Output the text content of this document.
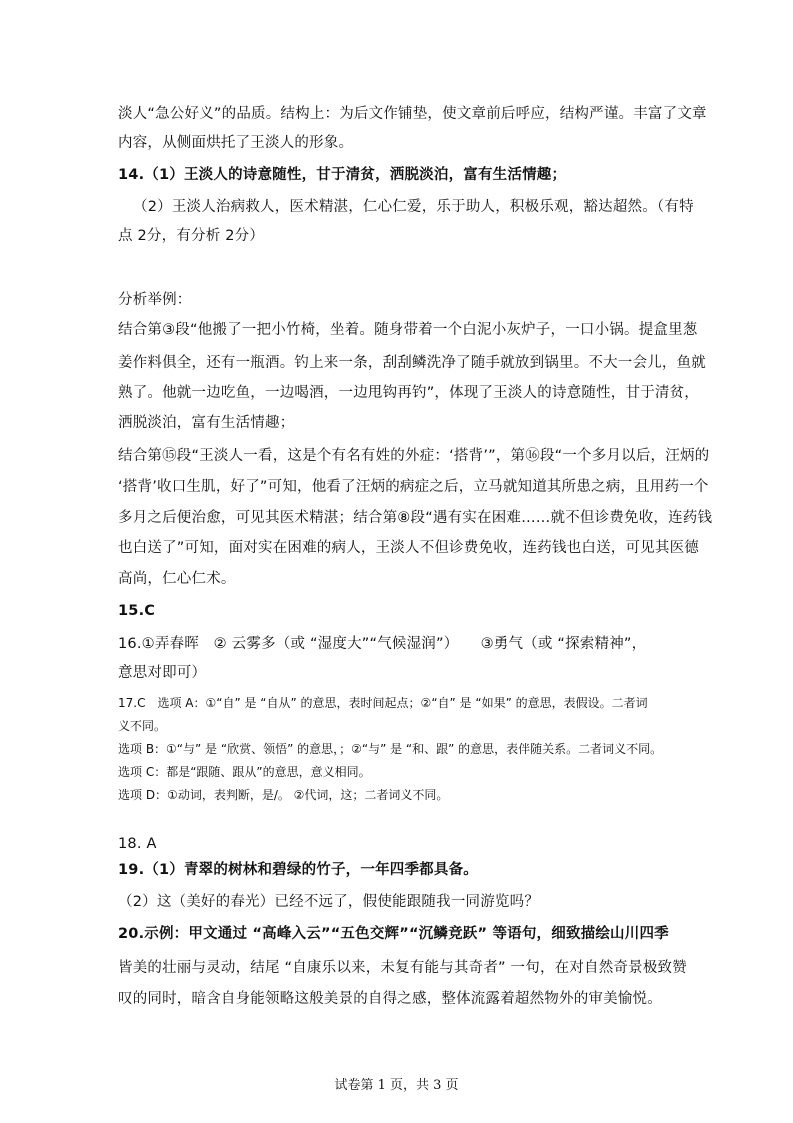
淡人“急公好义”的品质。结构上：为后文作铺垫，使文章前后呼应，结构严谨。丰富了文章
内容，从侧面烘托了王淡人的形象。
14.（1）王淡人的诗意随性，甘于清贫，洒脱淡泊，富有生活情趣；
（2）王淡人治病救人，医术精湛，仁心仁爱，乐于助人，积极乐观，豁达超然。（有特
点 2分，有分析 2分）
分析举例：
结合第③段“他搬了一把小竹椅，坐着。随身带着一个白泥小灰炉子，一口小锅。提盒里葱
姜作料俱全，还有一瓶酒。钓上来一条，刮刮鳞洗净了随手就放到锅里。不大一会儿，鱼就
熟了。他就一边吃鱼，一边喝酒，一边甩钩再钓”，体现了王淡人的诗意随性，甘于清贫，
洒脱淡泊，富有生活情趣；
结合第⑮段“王淡人一看，这是个有名有姓的外症：‘搭背’”，第⑯段“一个多月以后，汪炳的
‘搭背’收口生肌，好了”可知，他看了汪炳的病症之后，立马就知道其所患之病，且用药一个
多月之后便治愈，可见其医术精湛；结合第⑧段“遇有实在困难……就不但诊费免收，连药钱
也白送了”可知，面对实在困难的病人，王淡人不但诊费免收，连药钱也白送，可见其医德
高尚，仁心仁术。
15.C
16.①弄春晖　② 云雾多（或 “湿度大”“气候湿润”）　　③勇气（或 “探索精神”，
意思对即可）
17.C　选项 A：①“自” 是 “自从” 的意思，表时间起点；②“自” 是 “如果” 的意思，表假设。二者词
义不同。
选项 B：①“与” 是 “欣赏、领悟” 的意思，；②“与” 是 “和、跟” 的意思，表伴随关系。二者词义不同。
选项 C：都是“跟随、跟从”的意思，意义相同。
选项 D：①动词，表判断，是/。 ②代词，这；二者词义不同。
18. A
19.（1）青翠的树林和碧绿的竹子，一年四季都具备。
（2）这（美好的春光）已经不远了，假使能跟随我一同游览吗？
20.示例：甲文通过 “高峰入云”“五色交辉”“沉鳞竞跃” 等语句，细致描绘山川四季
皆美的壮丽与灵动，结尾 “自康乐以来，未复有能与其奇者” 一句，在对自然奇景极致赞
叹的同时，暗含自身能领略这般美景的自得之感，整体流露着超然物外的审美愉悦。
试卷第 1 页，共 3 页
